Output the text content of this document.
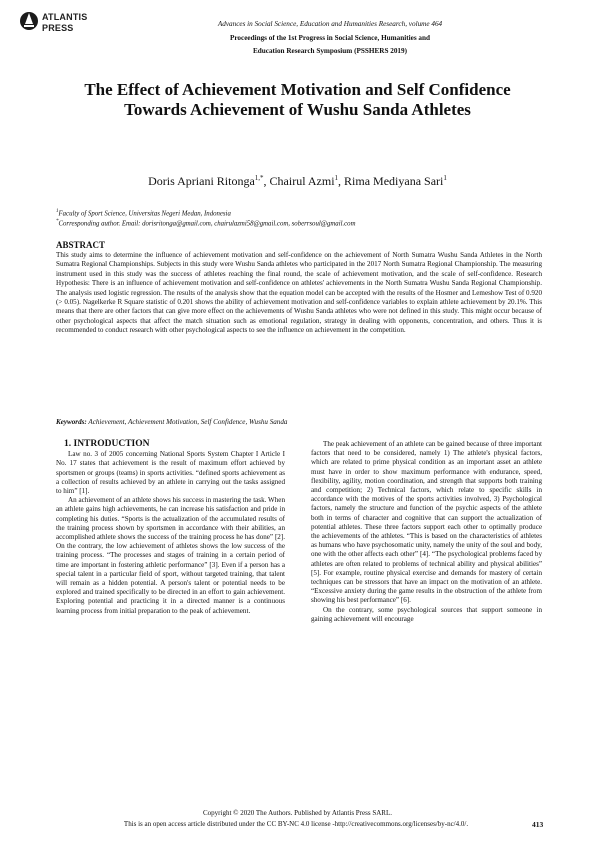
ATLANTIS
PRESS	Advances in Social Science, Education and Humanities Research, volume 464
Proceedings of the 1st Progress in Social Science, Humanities and
Education Research Symposium (PSSHERS 2019)
The Effect of Achievement Motivation and Self Confidence Towards Achievement of Wushu Sanda Athletes
Doris Apriani Ritonga$^{1,*}$, Chairul Azmi$^1$, Rima Mediyana Sari$^1$
$^1$Faculty of Sport Science, Universitas Negeri Medan, Indonesia
*Corresponding author. Email: dorisritonga@gmail.com, chairulazmi58@gmail.com, soberrsoul@gmail.com
ABSTRACT
This study aims to determine the influence of achievement motivation and self-confidence on the achievement of North Sumatra Wushu Sanda Athletes in the North Sumatra Regional Championships. Subjects in this study were Wushu Sanda athletes who participated in the 2017 North Sumatra Regional Championship. The measuring instrument used in this study was the success of athletes reaching the final round, the scale of achievement motivation, and the scale of self-confidence. Research Hypothesis: There is an influence of achievement motivation and self-confidence on athletes' achievements in the North Sumatra Wushu Sanda Regional Championship. The analysis used logistic regression. The results of the analysis show that the equation model can be accepted with the results of the Hosmer and Lemeshow Test of 0.920 (> 0.05). Nagelkerke R Square statistic of 0.201 shows the ability of achievement motivation and self-confidence variables to explain athlete achievement by 20.1%. This means that there are other factors that can give more effect on the achievements of Wushu Sanda athletes who were not defined in this study. This might occur because of other psychological aspects that affect the match situation such as emotional regulation, strategy in dealing with opponents, concentration, and others. Thus it is recommended to conduct research with other psychological aspects to see the influence on achievement in the competition.
Keywords: Achievement, Achievement Motivation, Self Confidence, Wushu Sanda
1. INTRODUCTION

Law no. 3 of 2005 concerning National Sports System Chapter I Article I No. 17 states that achievement is the result of maximum effort achieved by sportsmen or groups (teams) in sports activities. “defined sports achievement as a collection of results achieved by an athlete in carrying out the tasks assigned to him” [1].

An achievement of an athlete shows his success in mastering the task. When an athlete gains high achievements, he can increase his satisfaction and pride in completing his duties. “Sports is the actualization of the accumulated results of the training process shown by sportsmen in accordance with their abilities, an accomplished athlete shows the success of the training process he has done” [2]. On the contrary, the low achievement of athletes shows the low success of the training process. “The processes and stages of training in a certain period of time are important in fostering athletic performance” [3]. Even if a person has a special talent in a particular field of sport, without targeted training, that talent will remain as a hidden potential. A person's talent or potential needs to be explored and trained specifically to be directed in an effort to gain achievement. Exploring potential and practicing it in a directed manner is a continuous learning process from initial preparation to the peak of achievement.

The peak achievement of an athlete can be gained because of three important factors that need to be considered, namely 1) The athlete's physical factors, which are related to prime physical condition as an important asset an athlete must have in order to show maximum performance with endurance, speed, flexibility, agility, motion coordination, and strength that supports both training and competition; 2) Technical factors, which relate to specific skills in accordance with the motives of the sports activities involved, 3) Psychological factors, namely the structure and function of the psychic aspects of the athlete both in terms of character and cognitive that can support the actualization of potential athletes. These three factors support each other to optimally produce the achievements of the athletes. “This is based on the characteristics of athletes as humans who have psychosomatic unity, namely the unity of the soul and body, one with the other affects each other” [4]. “The psychological problems faced by athletes are often related to problems of technical ability and physical abilities” [5]. For example, routine physical exercise and demands for mastery of certain techniques can be stressors that have an impact on the motivation of an athlete. “Excessive anxiety during the game results in the obstruction of the athlete from showing his best performance” [6].

On the contrary, some psychological sources that support someone in gaining achievement will encourage

Copyright © 2020 The Authors. Published by Atlantis Press SARL.
This is an open access article distributed under the CC BY-NC 4.0 license -http://creativecommons.org/licenses/by-nc/4.0/.	413
